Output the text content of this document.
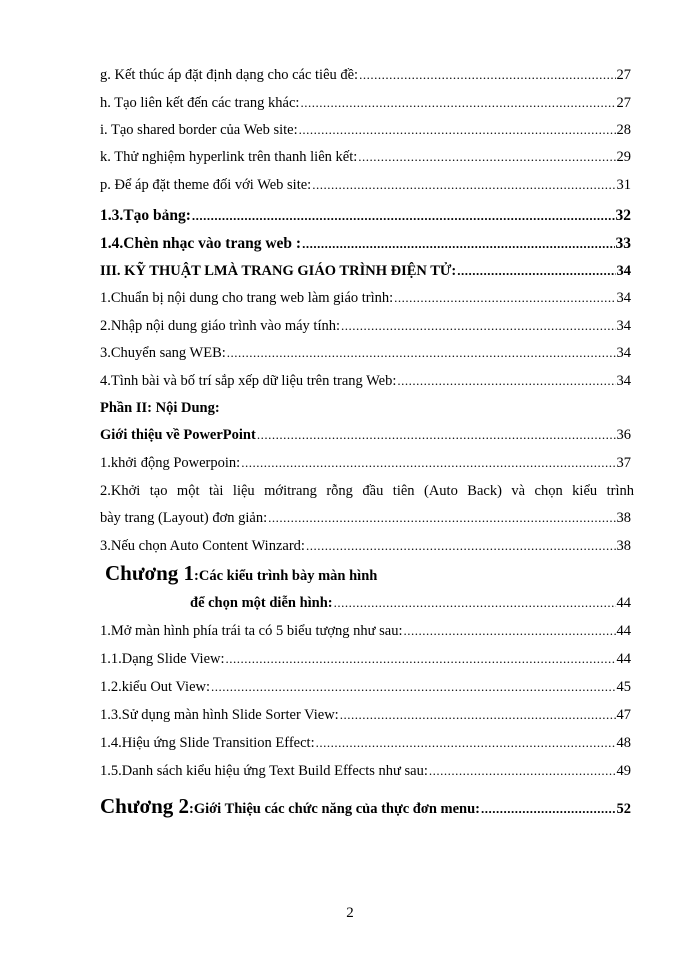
g. Kết thúc áp đặt định dạng cho các tiêu đề: .....	27
h. Tạo liên kết đến các trang khác: .....	27
i. Tạo shared border của Web site: .....	28
k. Thử nghiệm hyperlink trên thanh liên kết: .....	29
p. Để áp đặt theme đối với Web site: .....	31
1.3.Tạo bảng: .....	32
1.4.Chèn nhạc vào trang web : .....	33
III. KỸ THUẬT LMÀ TRANG GIÁO TRÌNH ĐIỆN TỬ: .....	34
1.Chuẩn bị nội dung cho trang web làm giáo trình: .....	34
2.Nhập nội dung giáo trình vào máy tính: .....	34
3.Chuyển sang WEB: .....	34
4.Tình bài và bố trí sắp xếp dữ liệu trên trang Web: .....	34
Phần II: Nội Dung:
Giới thiệu về PowerPoint .....	36
1.khởi động Powerpoin: .....	37
2.Khởi tạo một tài liệu mớitrang rỗng đầu tiên (Auto Back) và chọn kiểu trình
bày trang (Layout) đơn giản: .....	38
3.Nếu chọn Auto Content Winzard: .....	38
Chương 1:Các kiểu trình bày màn hình
để chọn một diễn hình: .....	44
1.Mở màn hình phía trái ta có 5 biểu tượng như sau: .....	44
1.1.Dạng Slide View: .....	44
1.2.kiểu Out View: .....	45
1.3.Sử dụng màn hình Slide Sorter View: .....	47
1.4.Hiệu ứng Slide Transition Effect: .....	48
1.5.Danh sách kiểu hiệu ứng Text Build Effects như sau: .....	49
Chương 2:Giới Thiệu các chức năng của thực đơn menu: .....	52
2
